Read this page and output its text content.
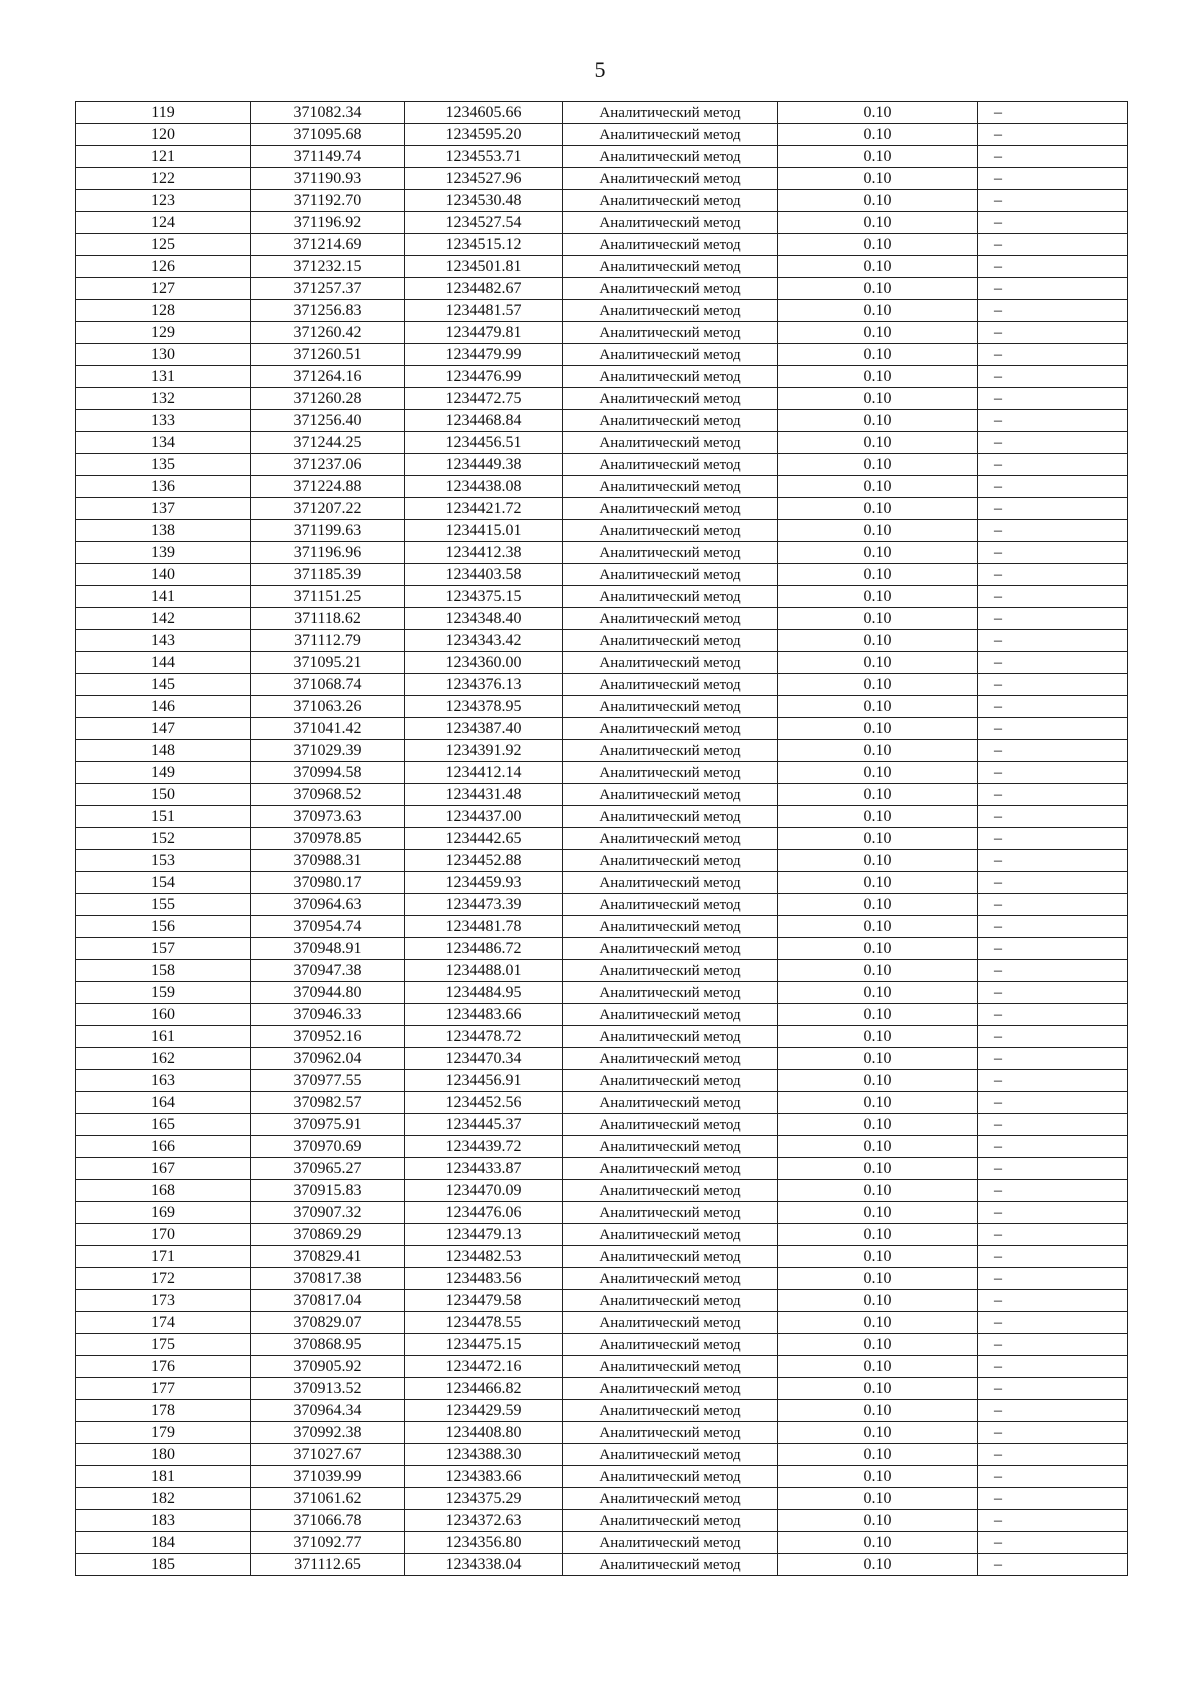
5
119	371082.34	1234605.66	Аналитический метод	0.10	–
120	371095.68	1234595.20	Аналитический метод	0.10	–
121	371149.74	1234553.71	Аналитический метод	0.10	–
122	371190.93	1234527.96	Аналитический метод	0.10	–
123	371192.70	1234530.48	Аналитический метод	0.10	–
124	371196.92	1234527.54	Аналитический метод	0.10	–
125	371214.69	1234515.12	Аналитический метод	0.10	–
126	371232.15	1234501.81	Аналитический метод	0.10	–
127	371257.37	1234482.67	Аналитический метод	0.10	–
128	371256.83	1234481.57	Аналитический метод	0.10	–
129	371260.42	1234479.81	Аналитический метод	0.10	–
130	371260.51	1234479.99	Аналитический метод	0.10	–
131	371264.16	1234476.99	Аналитический метод	0.10	–
132	371260.28	1234472.75	Аналитический метод	0.10	–
133	371256.40	1234468.84	Аналитический метод	0.10	–
134	371244.25	1234456.51	Аналитический метод	0.10	–
135	371237.06	1234449.38	Аналитический метод	0.10	–
136	371224.88	1234438.08	Аналитический метод	0.10	–
137	371207.22	1234421.72	Аналитический метод	0.10	–
138	371199.63	1234415.01	Аналитический метод	0.10	–
139	371196.96	1234412.38	Аналитический метод	0.10	–
140	371185.39	1234403.58	Аналитический метод	0.10	–
141	371151.25	1234375.15	Аналитический метод	0.10	–
142	371118.62	1234348.40	Аналитический метод	0.10	–
143	371112.79	1234343.42	Аналитический метод	0.10	–
144	371095.21	1234360.00	Аналитический метод	0.10	–
145	371068.74	1234376.13	Аналитический метод	0.10	–
146	371063.26	1234378.95	Аналитический метод	0.10	–
147	371041.42	1234387.40	Аналитический метод	0.10	–
148	371029.39	1234391.92	Аналитический метод	0.10	–
149	370994.58	1234412.14	Аналитический метод	0.10	–
150	370968.52	1234431.48	Аналитический метод	0.10	–
151	370973.63	1234437.00	Аналитический метод	0.10	–
152	370978.85	1234442.65	Аналитический метод	0.10	–
153	370988.31	1234452.88	Аналитический метод	0.10	–
154	370980.17	1234459.93	Аналитический метод	0.10	–
155	370964.63	1234473.39	Аналитический метод	0.10	–
156	370954.74	1234481.78	Аналитический метод	0.10	–
157	370948.91	1234486.72	Аналитический метод	0.10	–
158	370947.38	1234488.01	Аналитический метод	0.10	–
159	370944.80	1234484.95	Аналитический метод	0.10	–
160	370946.33	1234483.66	Аналитический метод	0.10	–
161	370952.16	1234478.72	Аналитический метод	0.10	–
162	370962.04	1234470.34	Аналитический метод	0.10	–
163	370977.55	1234456.91	Аналитический метод	0.10	–
164	370982.57	1234452.56	Аналитический метод	0.10	–
165	370975.91	1234445.37	Аналитический метод	0.10	–
166	370970.69	1234439.72	Аналитический метод	0.10	–
167	370965.27	1234433.87	Аналитический метод	0.10	–
168	370915.83	1234470.09	Аналитический метод	0.10	–
169	370907.32	1234476.06	Аналитический метод	0.10	–
170	370869.29	1234479.13	Аналитический метод	0.10	–
171	370829.41	1234482.53	Аналитический метод	0.10	–
172	370817.38	1234483.56	Аналитический метод	0.10	–
173	370817.04	1234479.58	Аналитический метод	0.10	–
174	370829.07	1234478.55	Аналитический метод	0.10	–
175	370868.95	1234475.15	Аналитический метод	0.10	–
176	370905.92	1234472.16	Аналитический метод	0.10	–
177	370913.52	1234466.82	Аналитический метод	0.10	–
178	370964.34	1234429.59	Аналитический метод	0.10	–
179	370992.38	1234408.80	Аналитический метод	0.10	–
180	371027.67	1234388.30	Аналитический метод	0.10	–
181	371039.99	1234383.66	Аналитический метод	0.10	–
182	371061.62	1234375.29	Аналитический метод	0.10	–
183	371066.78	1234372.63	Аналитический метод	0.10	–
184	371092.77	1234356.80	Аналитический метод	0.10	–
185	371112.65	1234338.04	Аналитический метод	0.10	–
